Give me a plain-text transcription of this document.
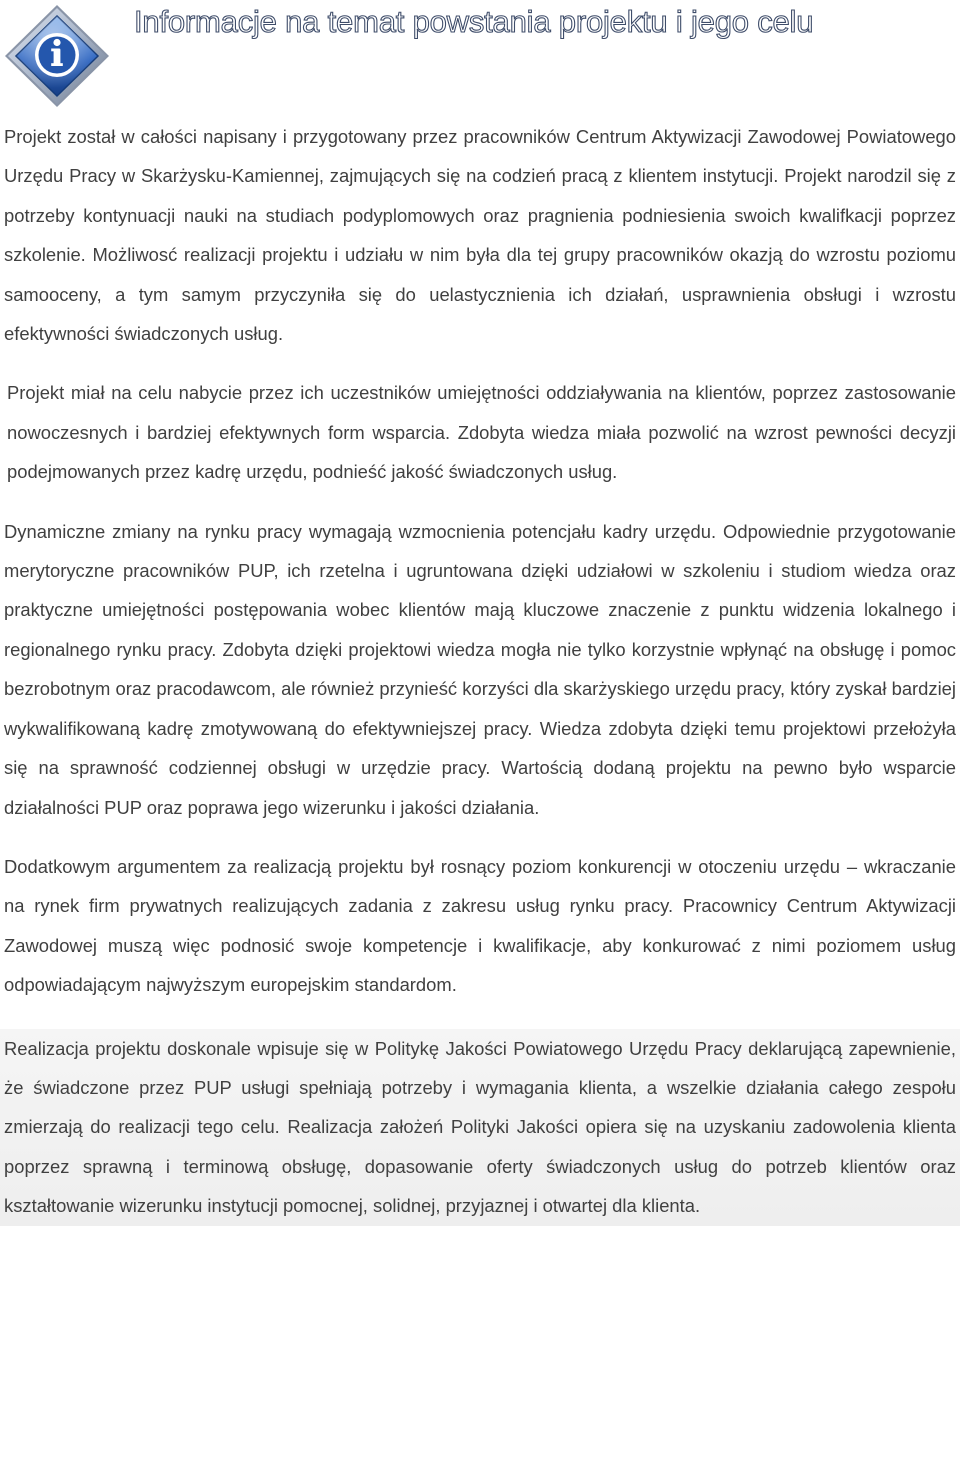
Informacje na temat powstania projektu i jego celu

Projekt został w całości napisany i przygotowany przez pracowników Centrum Aktywizacji Zawodowej Powiatowego Urzędu Pracy w Skarżysku-Kamiennej, zajmujących się na codzień pracą z klientem instytucji. Projekt narodzil się z potrzeby kontynuacji nauki na studiach podyplomowych oraz pragnienia podniesienia swoich kwalifkacji poprzez szkolenie. Możliwosć realizacji projektu i udziału w nim była dla tej grupy pracowników okazją do wzrostu poziomu samooceny, a tym samym przyczyniła się do uelastycznienia ich działań, usprawnienia obsługi i wzrostu efektywności świadczonych usług.

Projekt miał na celu nabycie przez ich uczestników umiejętności oddziaływania na klientów, poprzez zastosowanie nowoczesnych i bardziej efektywnych form wsparcia. Zdobyta wiedza miała pozwolić na wzrost pewności decyzji podejmowanych przez kadrę urzędu, podnieść jakość świadczonych usług.

Dynamiczne zmiany na rynku pracy wymagają wzmocnienia potencjału kadry urzędu. Odpowiednie przygotowanie merytoryczne pracowników PUP, ich rzetelna i ugruntowana dzięki udziałowi w szkoleniu i studiom wiedza oraz praktyczne umiejętności postępowania wobec klientów mają kluczowe znaczenie z punktu widzenia lokalnego i regionalnego rynku pracy. Zdobyta dzięki projektowi wiedza mogła nie tylko korzystnie wpłynąć na obsługę i pomoc bezrobotnym oraz pracodawcom, ale również przynieść korzyści dla skarżyskiego urzędu pracy, który zyskał bardziej wykwalifikowaną kadrę zmotywowaną do efektywniejszej pracy. Wiedza zdobyta dzięki temu projektowi przełożyła się na sprawność codziennej obsługi w urzędzie pracy. Wartością dodaną projektu na pewno było wsparcie działalności PUP oraz poprawa jego wizerunku i jakości działania.

Dodatkowym argumentem za realizacją projektu był rosnący poziom konkurencji w otoczeniu urzędu – wkraczanie na rynek firm prywatnych realizujących zadania z zakresu usług rynku pracy. Pracownicy Centrum Aktywizacji Zawodowej muszą więc podnosić swoje kompetencje i kwalifikacje, aby konkurować z nimi poziomem usług odpowiadającym najwyższym europejskim standardom.

Realizacja projektu doskonale wpisuje się w Politykę Jakości Powiatowego Urzędu Pracy deklarującą zapewnienie, że świadczone przez PUP usługi spełniają potrzeby i wymagania klienta, a wszelkie działania całego zespołu zmierzają do realizacji tego celu. Realizacja założeń Polityki Jakości opiera się na uzyskaniu zadowolenia klienta poprzez sprawną i terminową obsługę, dopasowanie oferty świadczonych usług do potrzeb klientów oraz kształtowanie wizerunku instytucji pomocnej, solidnej, przyjaznej i otwartej dla klienta.
